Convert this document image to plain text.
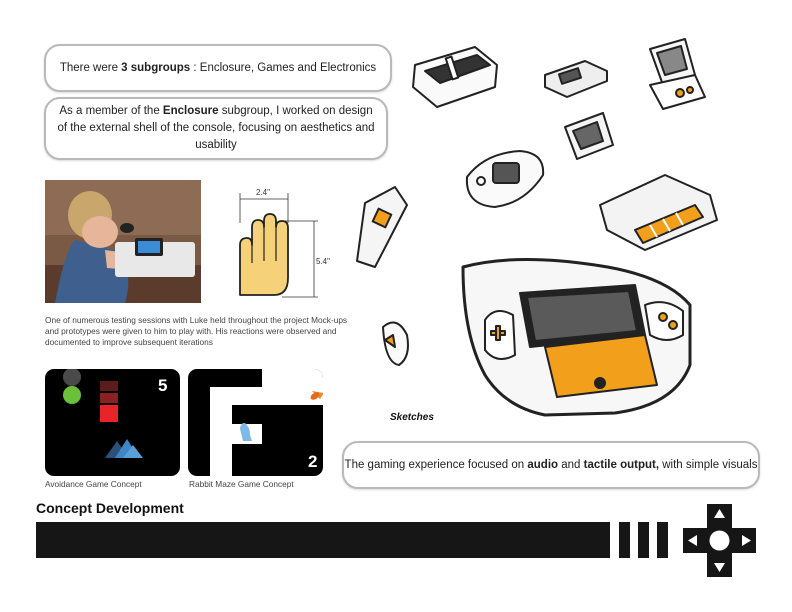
There were 3 subgroups : Enclosure, Games and Electronics
As a member of the Enclosure subgroup, I worked on design of the external shell of the console, focusing on aesthetics and usability
2.4"
5.4"
One of numerous testing sessions with Luke held throughout the project Mock-ups and prototypes were given to him to play with. His reactions were observed and documented to improve subsequent iterations
5
Avoidance Game Concept
2
Rabbit Maze Game Concept
Sketches
The gaming experience focused on audio and tactile output, with simple visuals
Concept Development
